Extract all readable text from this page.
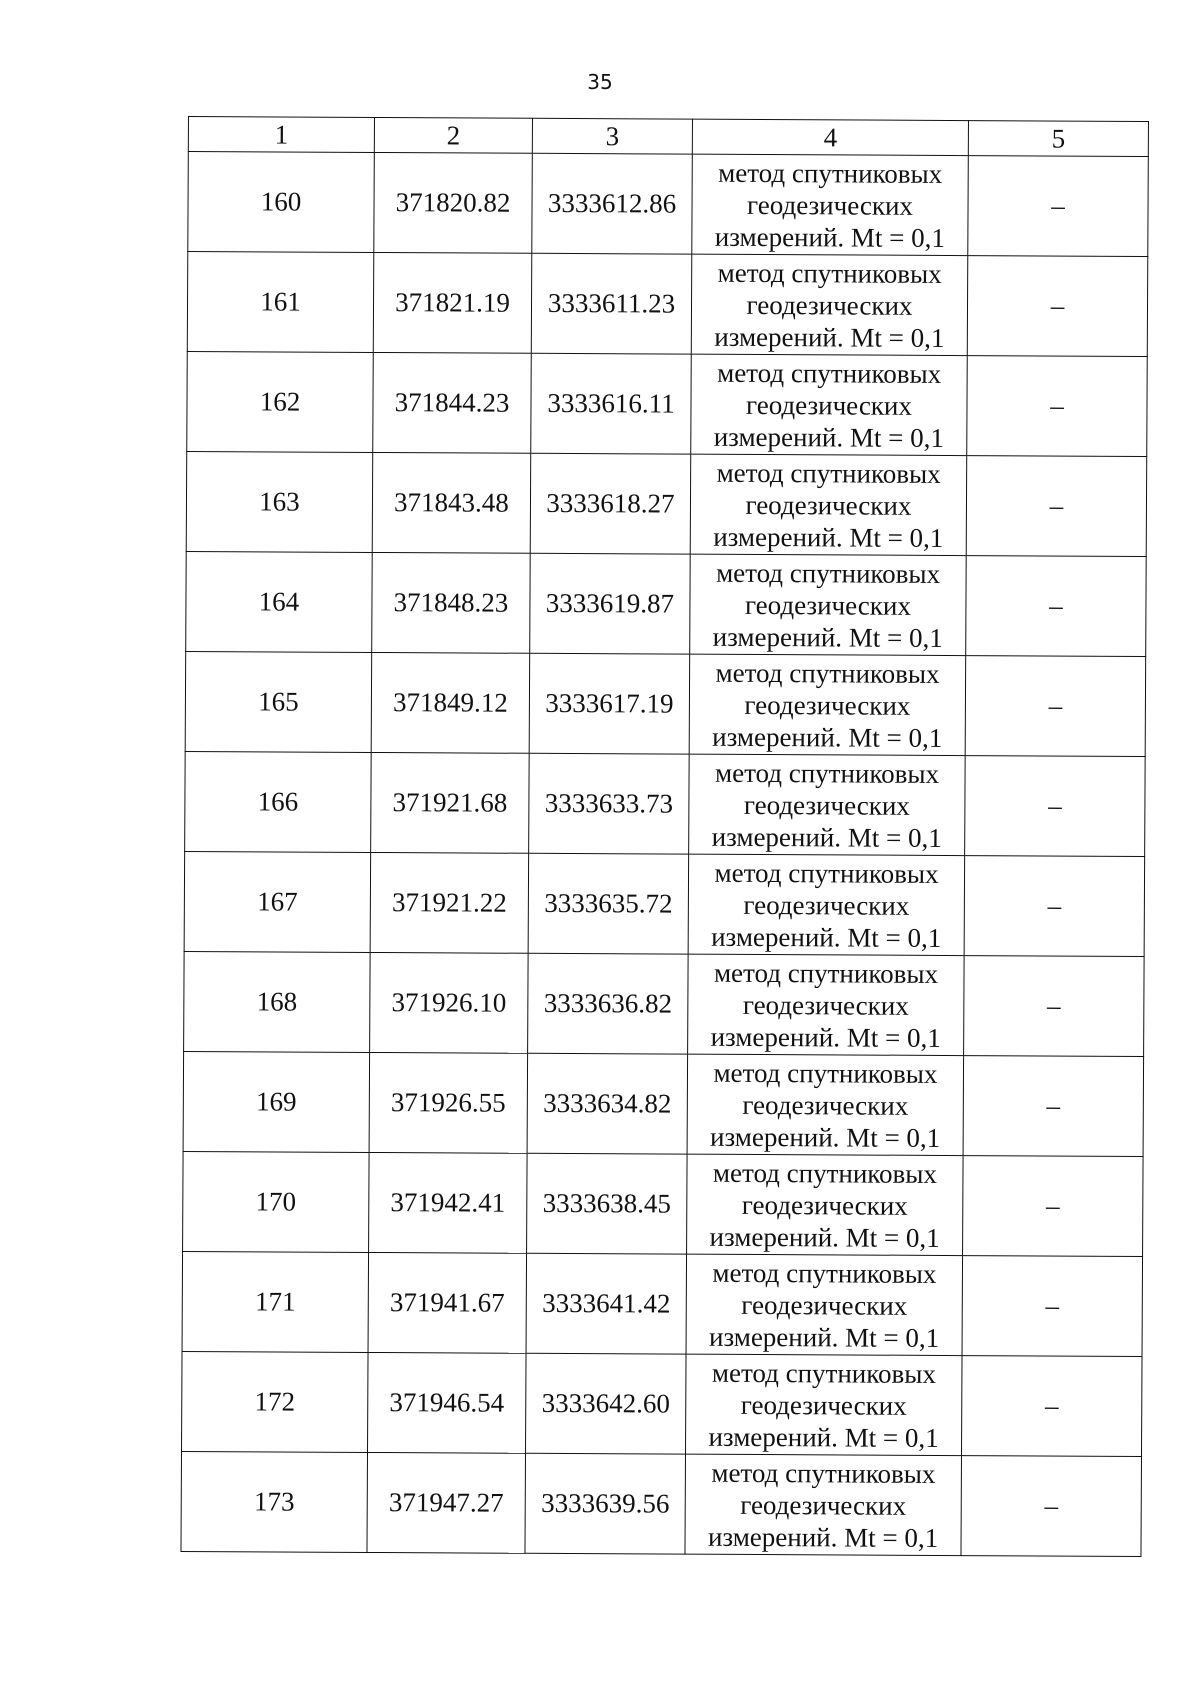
35
1	2	3	4	5
160	371820.82	3333612.86	метод спутниковых
геодезических
измерений. Mt = 0,1	–
161	371821.19	3333611.23	метод спутниковых
геодезических
измерений. Mt = 0,1	–
162	371844.23	3333616.11	метод спутниковых
геодезических
измерений. Mt = 0,1	–
163	371843.48	3333618.27	метод спутниковых
геодезических
измерений. Mt = 0,1	–
164	371848.23	3333619.87	метод спутниковых
геодезических
измерений. Mt = 0,1	–
165	371849.12	3333617.19	метод спутниковых
геодезических
измерений. Mt = 0,1	–
166	371921.68	3333633.73	метод спутниковых
геодезических
измерений. Mt = 0,1	–
167	371921.22	3333635.72	метод спутниковых
геодезических
измерений. Mt = 0,1	–
168	371926.10	3333636.82	метод спутниковых
геодезических
измерений. Mt = 0,1	–
169	371926.55	3333634.82	метод спутниковых
геодезических
измерений. Mt = 0,1	–
170	371942.41	3333638.45	метод спутниковых
геодезических
измерений. Mt = 0,1	–
171	371941.67	3333641.42	метод спутниковых
геодезических
измерений. Mt = 0,1	–
172	371946.54	3333642.60	метод спутниковых
геодезических
измерений. Mt = 0,1	–
173	371947.27	3333639.56	метод спутниковых
геодезических
измерений. Mt = 0,1	–
